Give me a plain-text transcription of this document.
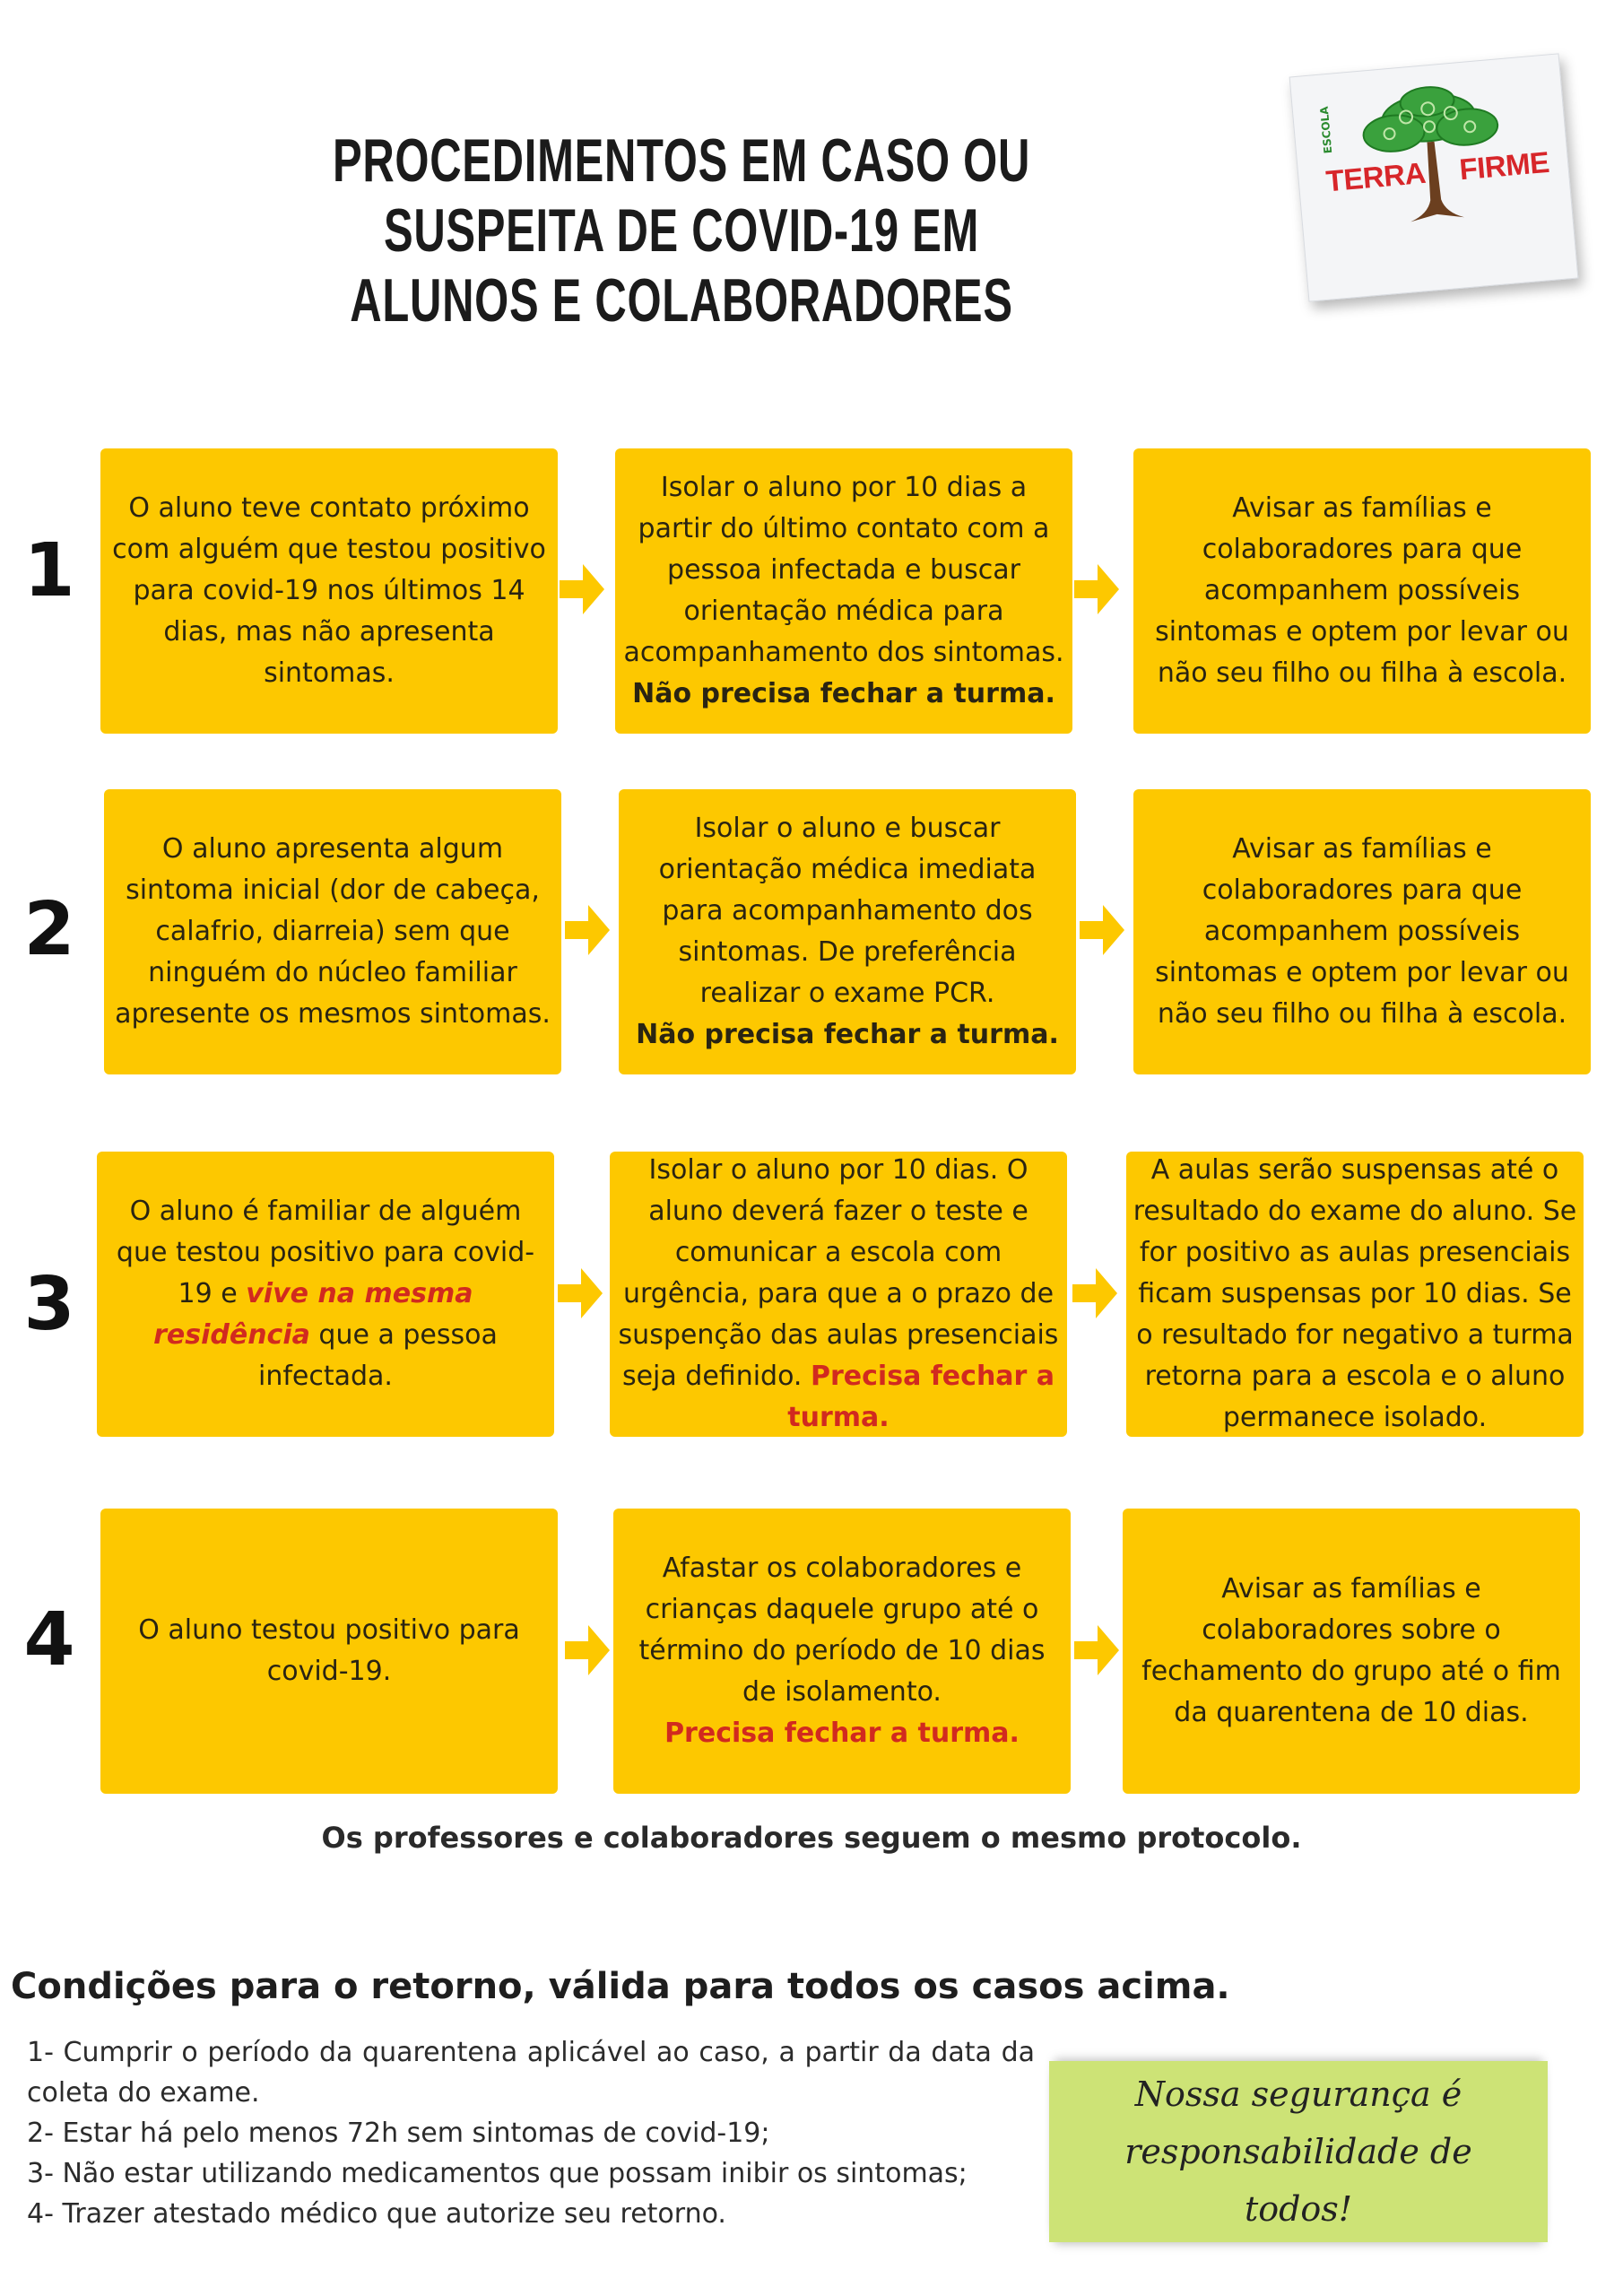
PROCEDIMENTOS EM CASO OU SUSPEITA DE COVID-19 EM
ALUNOS E COLABORADORES
ESCOLA
TERRA FIRME
1
O aluno teve contato próximo com alguém que testou positivo para covid-19 nos últimos 14 dias, mas não apresenta sintomas.
Isolar o aluno por 10 dias a partir do último contato com a pessoa infectada e buscar orientação médica para acompanhamento dos sintomas.
Não precisa fechar a turma.
Avisar as famílias e colaboradores para que acompanhem possíveis sintomas e optem por levar ou não seu filho ou filha à escola.
2
O aluno apresenta algum sintoma inicial (dor de cabeça, calafrio, diarreia) sem que ninguém do núcleo familiar apresente os mesmos sintomas.
Isolar o aluno e buscar orientação médica imediata para acompanhamento dos sintomas. De preferência realizar o exame PCR.
Não precisa fechar a turma.
Avisar as famílias e colaboradores para que acompanhem possíveis sintomas e optem por levar ou não seu filho ou filha à escola.
3
O aluno é familiar de alguém que testou positivo para covid-19 e vive na mesma residência que a pessoa infectada.
Isolar o aluno por 10 dias. O aluno deverá fazer o teste e comunicar a escola com urgência, para que a o prazo de suspenção das aulas presenciais seja definido. Precisa fechar a turma.
A aulas serão suspensas até o resultado do exame do aluno. Se for positivo as aulas presenciais ficam suspensas por 10 dias. Se o resultado for negativo a turma retorna para a escola e o aluno permanece isolado.
4	O aluno testou positivo para covid-19.
Afastar os colaboradores e crianças daquele grupo até o término do período de 10 dias de isolamento.
Precisa fechar a turma.
Avisar as famílias e colaboradores sobre o fechamento do grupo até o fim da quarentena de 10 dias.
Os professores e colaboradores seguem o mesmo protocolo.
Condições para o retorno, válida para todos os casos acima.
1- Cumprir o período da quarentena aplicável ao caso, a partir da data da coleta do exame.
2- Estar há pelo menos 72h sem sintomas de covid-19;
3- Não estar utilizando medicamentos que possam inibir os sintomas;
4- Trazer atestado médico que autorize seu retorno.
Nossa segurança é
responsabilidade de
todos!
